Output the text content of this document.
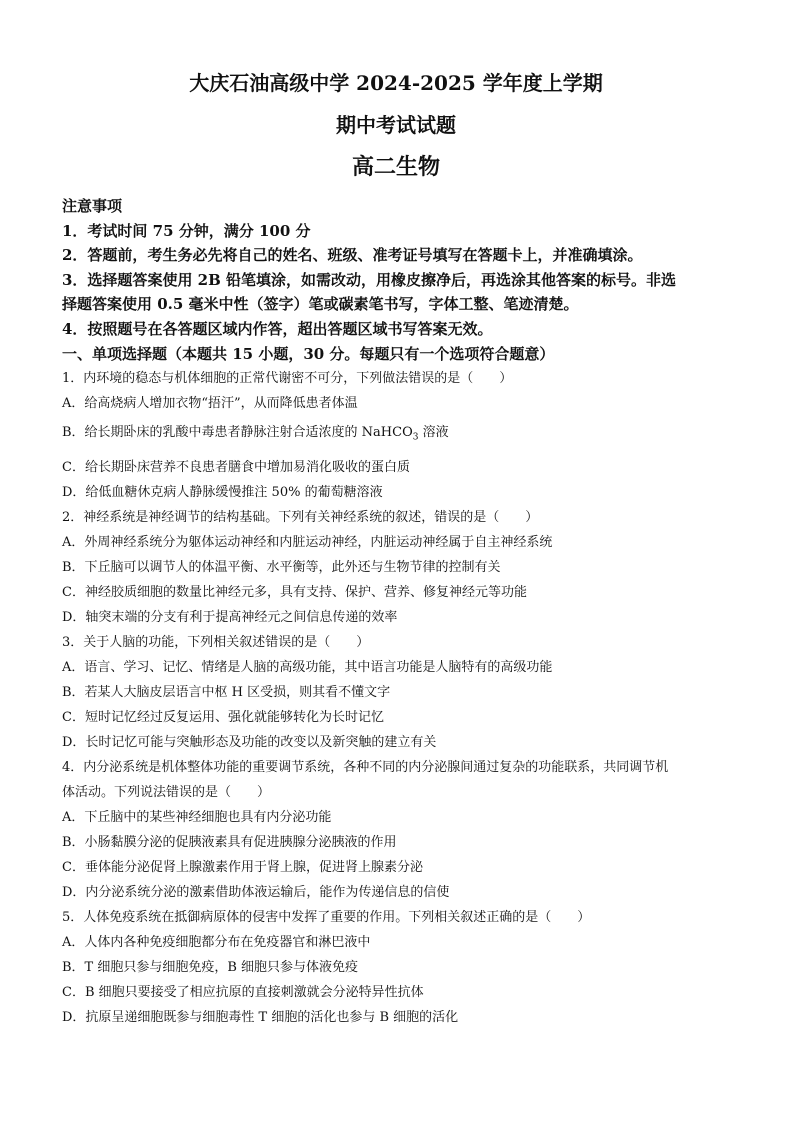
大庆石油高级中学 2024-2025 学年度上学期

期中考试试题

高二生物

注意事项

1．考试时间 75 分钟，满分 100 分

2．答题前，考生务必先将自己的姓名、班级、准考证号填写在答题卡上，并准确填涂。

3．选择题答案使用 2B 铅笔填涂，如需改动，用橡皮擦净后，再选涂其他答案的标号。非选

择题答案使用 0.5 毫米中性（签字）笔或碳素笔书写，字体工整、笔迹清楚。

4．按照题号在各答题区域内作答，超出答题区域书写答案无效。

一、单项选择题（本题共 15 小题，30 分。每题只有一个选项符合题意）

1．内环境的稳态与机体细胞的正常代谢密不可分，下列做法错误的是（　　）

A．给高烧病人增加衣物“捂汗”，从而降低患者体温

B．给长期卧床的乳酸中毒患者静脉注射合适浓度的 NaHCO$_3$ 溶液

C．给长期卧床营养不良患者膳食中增加易消化吸收的蛋白质

D．给低血糖休克病人静脉缓慢推注 50% 的葡萄糖溶液

2．神经系统是神经调节的结构基础。下列有关神经系统的叙述，错误的是（　　）

A．外周神经系统分为躯体运动神经和内脏运动神经，内脏运动神经属于自主神经系统

B．下丘脑可以调节人的体温平衡、水平衡等，此外还与生物节律的控制有关

C．神经胶质细胞的数量比神经元多，具有支持、保护、营养、修复神经元等功能

D．轴突末端的分支有利于提高神经元之间信息传递的效率

3．关于人脑的功能，下列相关叙述错误的是（　　）

A．语言、学习、记忆、情绪是人脑的高级功能，其中语言功能是人脑特有的高级功能

B．若某人大脑皮层语言中枢 H 区受损，则其看不懂文字

C．短时记忆经过反复运用、强化就能够转化为长时记忆

D．长时记忆可能与突触形态及功能的改变以及新突触的建立有关

4．内分泌系统是机体整体功能的重要调节系统，各种不同的内分泌腺间通过复杂的功能联系，共同调节机

体活动。下列说法错误的是（　　）

A．下丘脑中的某些神经细胞也具有内分泌功能

B．小肠黏膜分泌的促胰液素具有促进胰腺分泌胰液的作用

C．垂体能分泌促肾上腺激素作用于肾上腺，促进肾上腺素分泌

D．内分泌系统分泌的激素借助体液运输后，能作为传递信息的信使

5．人体免疫系统在抵御病原体的侵害中发挥了重要的作用。下列相关叙述正确的是（　　）

A．人体内各种免疫细胞都分布在免疫器官和淋巴液中

B．T 细胞只参与细胞免疫，B 细胞只参与体液免疫

C．B 细胞只要接受了相应抗原的直接刺激就会分泌特异性抗体

D．抗原呈递细胞既参与细胞毒性 T 细胞的活化也参与 B 细胞的活化
